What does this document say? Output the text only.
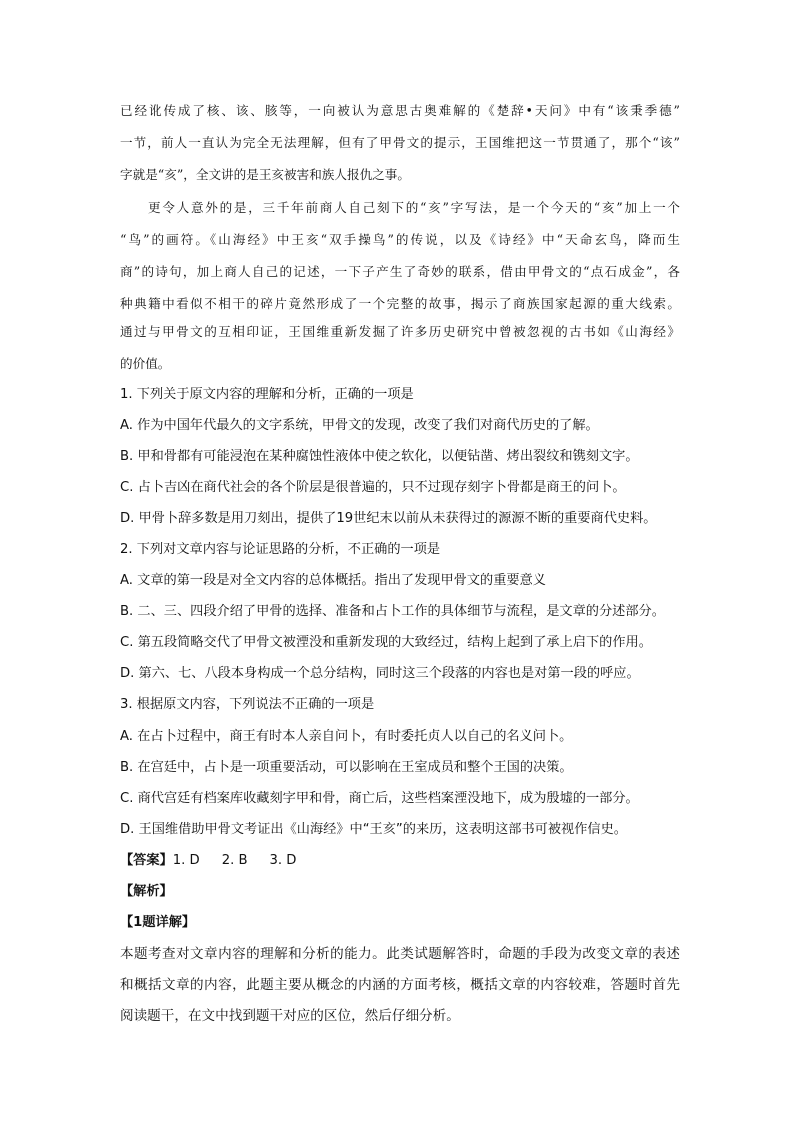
已经讹传成了核、该、胲等，一向被认为意思古奥难解的《楚辞•天问》中有“该秉季德”
一节，前人一直认为完全无法理解，但有了甲骨文的提示，王国维把这一节贯通了，那个“该”
字就是“亥”，全文讲的是王亥被害和族人报仇之事。
更令人意外的是，三千年前商人自己刻下的“亥”字写法，是一个今天的“亥”加上一个
“鸟”的画符。《山海经》中王亥“双手操鸟”的传说，以及《诗经》中“天命玄鸟，降而生
商”的诗句，加上商人自己的记述，一下子产生了奇妙的联系，借由甲骨文的“点石成金”，各
种典籍中看似不相干的碎片竟然形成了一个完整的故事，揭示了商族国家起源的重大线索。
通过与甲骨文的互相印证，王国维重新发掘了许多历史研究中曾被忽视的古书如《山海经》
的价值。
1. 下列关于原文内容的理解和分析，正确的一项是
A. 作为中国年代最久的文字系统，甲骨文的发现，改变了我们对商代历史的了解。
B. 甲和骨都有可能浸泡在某种腐蚀性液体中使之软化，以便钻凿、烤出裂纹和镌刻文字。
C. 占卜吉凶在商代社会的各个阶层是很普遍的，只不过现存刻字卜骨都是商王的问卜。
D. 甲骨卜辞多数是用刀刻出，提供了19世纪末以前从未获得过的源源不断的重要商代史料。
2. 下列对文章内容与论证思路的分析，不正确的一项是
A. 文章的第一段是对全文内容的总体概括。指出了发现甲骨文的重要意义
B. 二、三、四段介绍了甲骨的选择、准备和占卜工作的具体细节与流程，是文章的分述部分。
C. 第五段简略交代了甲骨文被湮没和重新发现的大致经过，结构上起到了承上启下的作用。
D. 第六、七、八段本身构成一个总分结构，同时这三个段落的内容也是对第一段的呼应。
3. 根据原文内容，下列说法不正确的一项是
A. 在占卜过程中，商王有时本人亲自问卜，有时委托贞人以自己的名义问卜。
B. 在宫廷中，占卜是一项重要活动，可以影响在王室成员和整个王国的决策。
C. 商代宫廷有档案库收藏刻字甲和骨，商亡后，这些档案湮没地下，成为殷墟的一部分。
D. 王国维借助甲骨文考证出《山海经》中“王亥”的来历，这表明这部书可被视作信史。
【答案】1. D 2. B 3. D
【解析】
【1题详解】
本题考查对文章内容的理解和分析的能力。此类试题解答时，命题的手段为改变文章的表述
和概括文章的内容，此题主要从概念的内涵的方面考核，概括文章的内容较难，答题时首先
阅读题干，在文中找到题干对应的区位，然后仔细分析。
